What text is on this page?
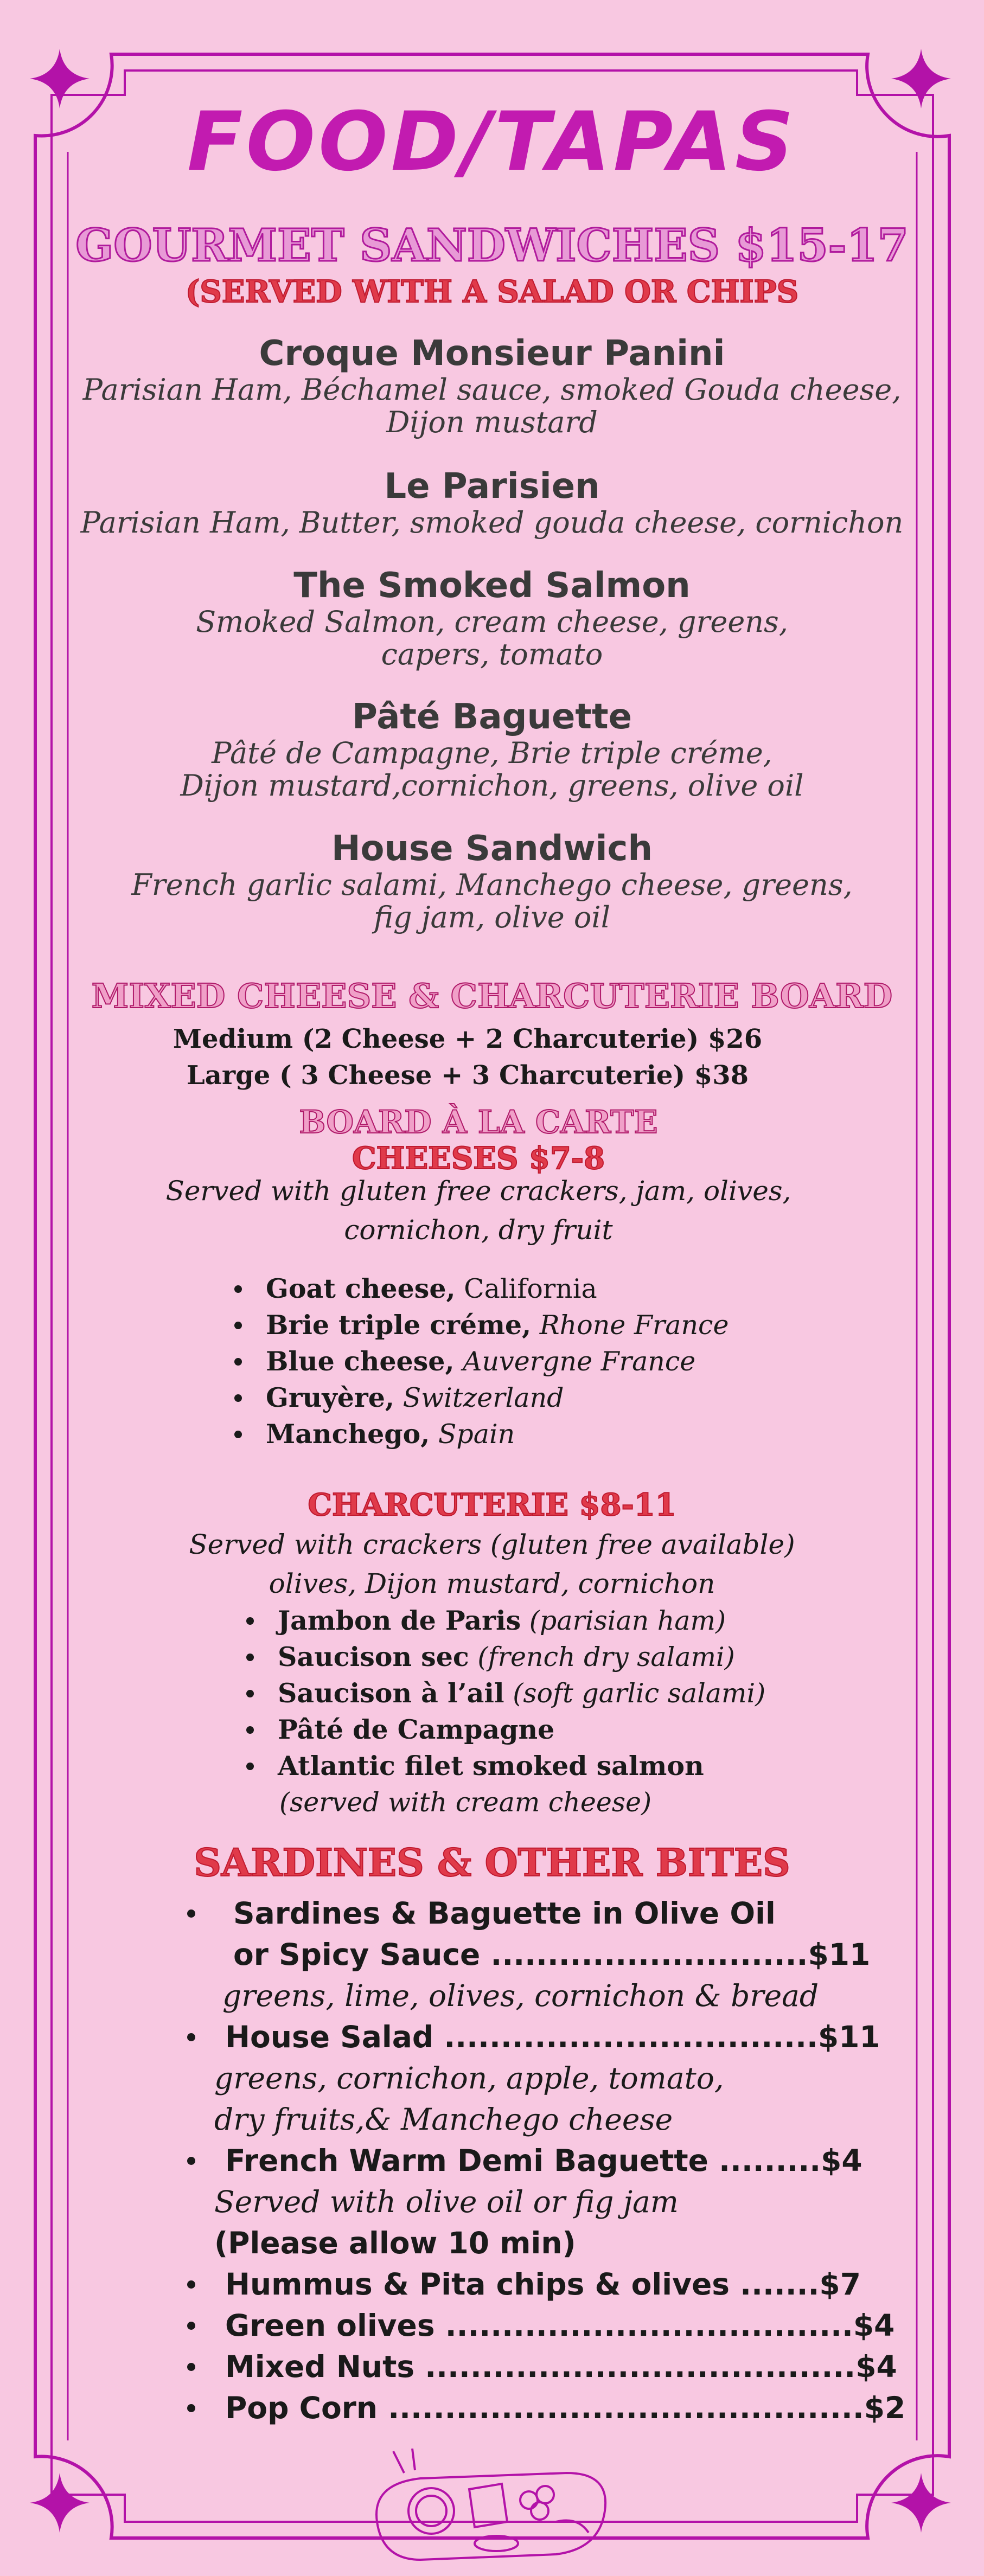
FOOD/TAPAS
GOURMET SANDWICHES $15-17
(SERVED WITH A SALAD OR CHIPS
Croque Monsieur Panini
Parisian Ham, Béchamel sauce, smoked Gouda cheese,
Dijon mustard
Le Parisien
Parisian Ham, Butter, smoked gouda cheese, cornichon
The Smoked Salmon
Smoked Salmon, cream cheese, greens,
capers, tomato
Pâté Baguette
Pâté de Campagne, Brie triple créme,
Dijon mustard,cornichon, greens, olive oil
House Sandwich
French garlic salami, Manchego cheese, greens,
fig jam, olive oil
MIXED CHEESE & CHARCUTERIE BOARD
Medium (2 Cheese + 2 Charcuterie) $26
Large ( 3 Cheese + 3 Charcuterie) $38
BOARD À LA CARTE
CHEESES $7-8
Served with gluten free crackers, jam, olives,
cornichon, dry fruit
Goat cheese, California
Brie triple créme, Rhone France
Blue cheese, Auvergne France
Gruyère, Switzerland
Manchego, Spain
CHARCUTERIE $8-11
Served with crackers (gluten free available)
olives, Dijon mustard, cornichon
Jambon de Paris (parisian ham)
Saucison sec (french dry salami)
Saucison à l’ail (soft garlic salami)
Pâté de Campagne
Atlantic filet smoked salmon
(served with cream cheese)
SARDINES & OTHER BITES
Sardines & Baguette in Olive Oil
or Spicy Sauce ............................$11
greens, lime, olives, cornichon & bread
House Salad .................................$11
greens, cornichon, apple, tomato,
dry fruits,& Manchego cheese
French Warm Demi Baguette .........$4
Served with olive oil or fig jam
(Please allow 10 min)
Hummus & Pita chips & olives .......$7
Green olives ....................................$4
Mixed Nuts ......................................$4
Pop Corn ..........................................$2
